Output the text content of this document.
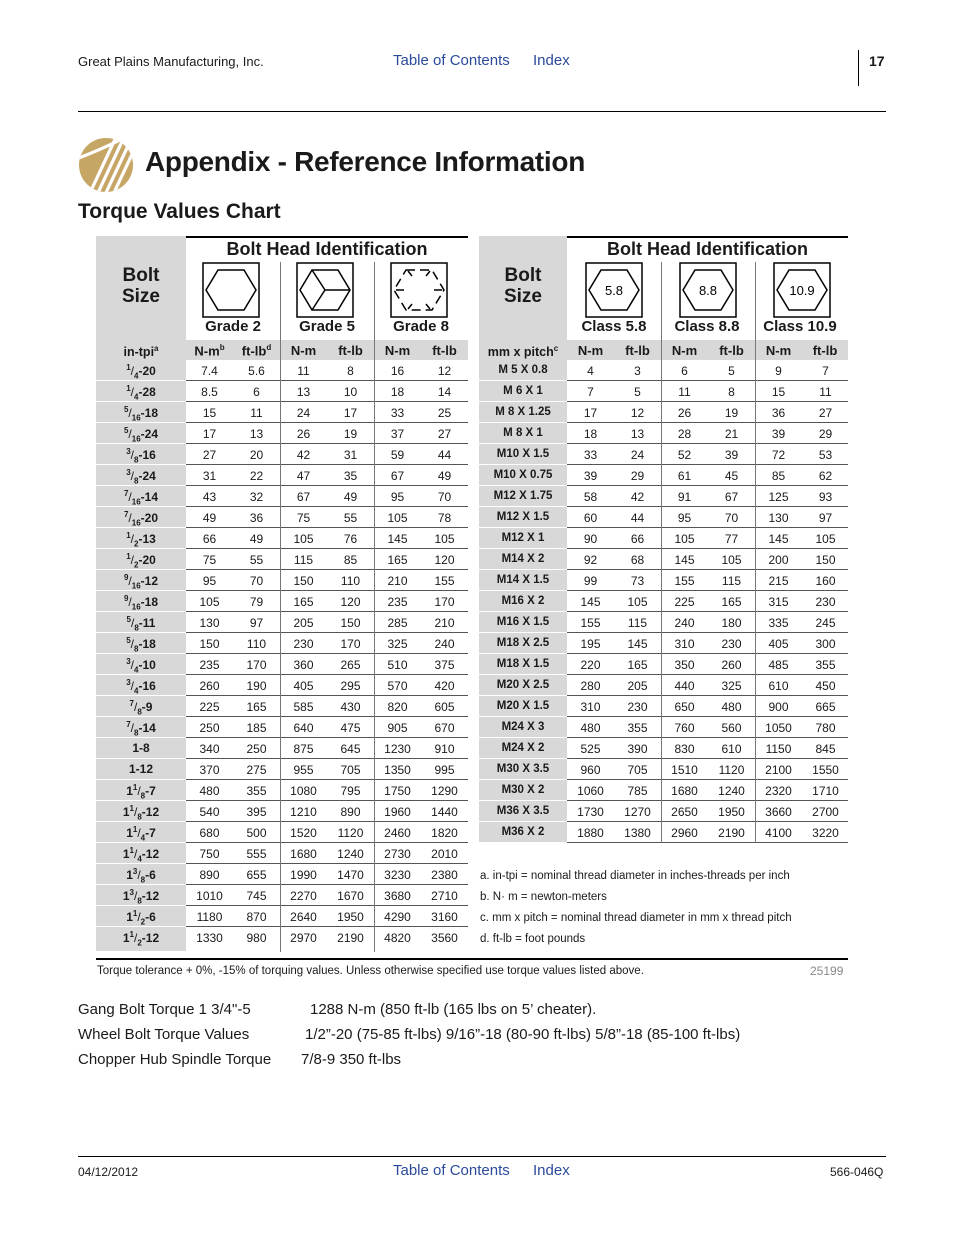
Great Plains Manufacturing, Inc.	Table of Contents Index	17
Appendix - Reference Information
Torque Values Chart
Bolt Size
Bolt Head Identification
Grade 2	Grade 5	Grade 8
$N-m^b$	$ft-lb^d$	N-m	ft-lb	N-m	ft-lb
in-tpi$^a$
$^1/_4-20$	7.4	5.6	11	8	16	12
$^1/_4-28$	8.5	6	13	10	18	14
$^5/_{16}-18$	15	11	24	17	33	25
$^5/_{16}-24$	17	13	26	19	37	27
$^3/_8-16$	27	20	42	31	59	44
$^3/_8-24$	31	22	47	35	67	49
$^7/_{16}-14$	43	32	67	49	95	70
$^7/_{16}-20$	49	36	75	55	105	78
$^1/_2-13$	66	49	105	76	145	105
$^1/_2-20$	75	55	115	85	165	120
$^9/_{16}-12$	95	70	150	110	210	155
$^9/_{16}-18$	105	79	165	120	235	170
$^5/_8-11$	130	97	205	150	285	210
$^5/_8-18$	150	110	230	170	325	240
$^3/_4-10$	235	170	360	265	510	375
$^3/_4-16$	260	190	405	295	570	420
$^7/_8-9$	225	165	585	430	820	605
$^7/_8-14$	250	185	640	475	905	670
1-8	340	250	875	645	1230	910
1-12	370	275	955	705	1350	995
$1^1/_8-7$	480	355	1080	795	1750	1290
$1^1/_8-12$	540	395	1210	890	1960	1440
$1^1/_4-7$	680	500	1520	1120	2460	1820
$1^1/_4-12$	750	555	1680	1240	2730	2010
$1^3/_8-6$	890	655	1990	1470	3230	2380
$1^3/_8-12$	1010	745	2270	1670	3680	2710
$1^1/_2-6$	1180	870	2640	1950	4290	3160
$1^1/_2-12$	1330	980	2970	2190	4820	3560
Bolt Size
Bolt Head Identification
5.8	8.8	10.9
Class 5.8	Class 8.8	Class 10.9
N-m	ft-lb	N-m	ft-lb	N-m	ft-lb
mm x pitch$^c$
M 5 X 0.8	4	3	6	5	9	7
M 6 X 1	7	5	11	8	15	11
M 8 X 1.25	17	12	26	19	36	27
M 8 X 1	18	13	28	21	39	29
M10 X 1.5	33	24	52	39	72	53
M10 X 0.75	39	29	61	45	85	62
M12 X 1.75	58	42	91	67	125	93
M12 X 1.5	60	44	95	70	130	97
M12 X 1	90	66	105	77	145	105
M14 X 2	92	68	145	105	200	150
M14 X 1.5	99	73	155	115	215	160
M16 X 2	145	105	225	165	315	230
M16 X 1.5	155	115	240	180	335	245
M18 X 2.5	195	145	310	230	405	300
M18 X 1.5	220	165	350	260	485	355
M20 X 2.5	280	205	440	325	610	450
M20 X 1.5	310	230	650	480	900	665
M24 X 3	480	355	760	560	1050	780
M24 X 2	525	390	830	610	1150	845
M30 X 3.5	960	705	1510	1120	2100	1550
M30 X 2	1060	785	1680	1240	2320	1710
M36 X 3.5	1730	1270	2650	1950	3660	2700
M36 X 2	1880	1380	2960	2190	4100	3220
a. in-tpi = nominal thread diameter in inches-threads per inch
b. N· m = newton-meters
c. mm x pitch = nominal thread diameter in mm x thread pitch
d. ft-lb = foot pounds
Torque tolerance + 0%, -15% of torquing values. Unless otherwise specified use torque values listed above.	25199
Gang Bolt Torque 1 3/4"-5	1288 N-m (850 ft-lb (165 lbs on 5’ cheater).
Wheel Bolt Torque Values	1/2”-20 (75-85 ft-lbs) 9/16”-18 (80-90 ft-lbs) 5/8”-18 (85-100 ft-lbs)
Chopper Hub Spindle Torque 7/8-9 350 ft-lbs
04/12/2012	Table of Contents Index	566-046Q
